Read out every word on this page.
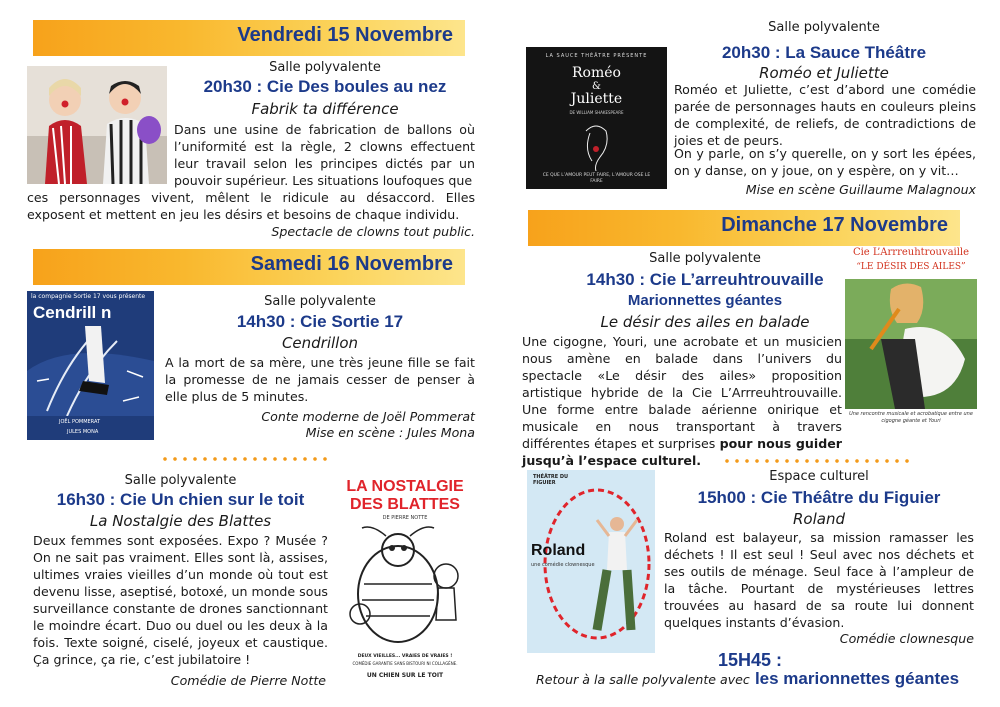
Vendredi 15 Novembre
Salle polyvalente
20h30 : Cie Des boules au nez
Fabrik ta différence
Dans une usine de fabrication de ballons où l’uniformité est la règle, 2 clowns effectuent leur travail selon les principes dictés par un pouvoir supérieur. Les situations loufoques que
ces personnages vivent, mêlent le ridicule au désaccord. Elles exposent et mettent en jeu les désirs et besoins de chaque individu.
Spectacle de clowns tout public.
Samedi 16 Novembre
la compagnie Sortie 17 vous présente
Cendrill n
JOËL POMMERAT
JULES MONA
Salle polyvalente
14h30 : Cie Sortie 17
Cendrillon
A la mort de sa mère, une très jeune fille se fait la promesse de ne jamais cesser de penser à elle plus de 5 minutes.
Conte moderne de Joël Pommerat
Mise en scène : Jules Mona
Salle polyvalente
16h30 : Cie Un chien sur le toit
La Nostalgie des Blattes
Deux femmes sont exposées. Expo ? Musée ? On ne sait pas vraiment. Elles sont là, assises, ultimes vraies vieilles d’un monde où tout est devenu lisse, aseptisé, botoxé, un monde sous surveillance constante de drones sanctionnant le moindre écart. Duo ou duel ou les deux à la fois. Texte soigné, ciselé, joyeux et caustique. Ça grince, ça rie, c’est jubilatoire !
Comédie de Pierre Notte
LA NOSTALGIE
DES BLATTES
DE PIERRE NOTTE
DEUX VIEILLES... VRAIES DE VRAIES !
COMÉDIE GARANTIE SANS BISTOURI NI COLLAGÈNE.
UN CHIEN SUR LE TOIT
LA SAUCE THÉÂTRE PRÉSENTE
Roméo
&
Juliette
DE WILLIAM SHAKESPEARE
CE QUE L’AMOUR PEUT FAIRE, L’AMOUR OSE LE FAIRE
Salle polyvalente
20h30 : La Sauce Théâtre
Roméo et Juliette
Roméo et Juliette, c’est d’abord une comédie parée de personnages hauts en couleurs pleins de complexité, de reliefs, de contradictions de joies et de peurs.
On y parle, on s’y querelle, on y sort les épées, on y danse, on y joue, on y espère, on y vit…
Mise en scène Guillaume Malagnoux
Dimanche 17 Novembre
Salle polyvalente
14h30 : Cie L’arreuhtrouvaille
Marionnettes géantes
Le désir des ailes en balade
Une cigogne, Youri, une acrobate et un musicien nous amène en balade dans l’univers du spectacle «Le désir des ailes» proposition artistique hybride de la Cie L’Arrreuhtrouvaille. Une forme entre balade aérienne onirique et musicale en nous transportant à travers différentes étapes et surprises pour nous guider jusqu’à l’espace culturel.
Cie L’Arrreuhtrouvaille
“LE DÉSIR DES AILES”
Une rencontre musicale et acrobatique entre une cigogne géante et Youri
THÉÂTRE DU FIGUIER
Roland
une comédie clownesque
Espace culturel
15h00 : Cie Théâtre du Figuier
Roland
Roland est balayeur, sa mission ramasser les déchets ! Il est seul ! Seul avec nos déchets et ses outils de ménage. Seul face à l’ampleur de la tâche. Pourtant de mystérieuses lettres trouvées au hasard de sa route lui donnent quelques instants d’évasion.
Comédie clownesque
15H45 :
Retour à la salle polyvalente avec les marionnettes géantes
